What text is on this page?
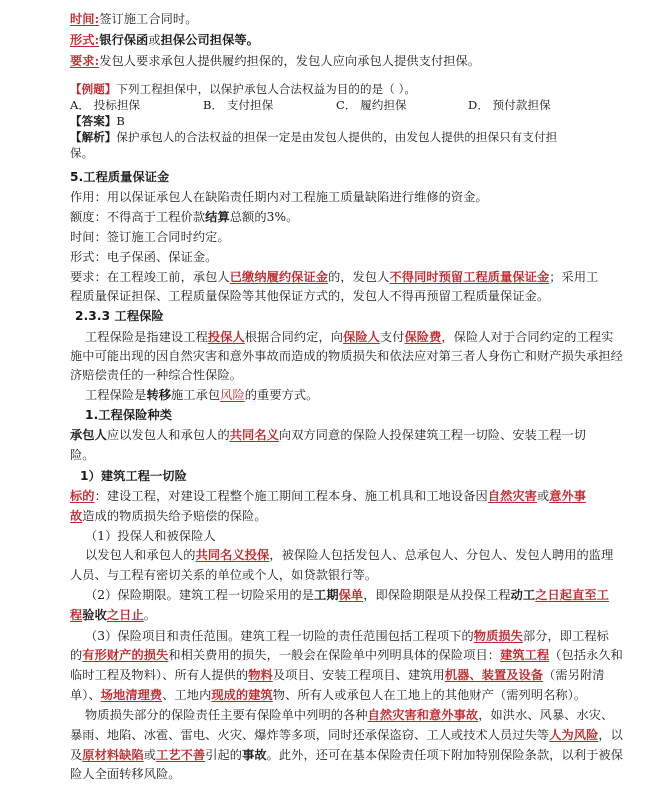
时间:签订施工合同时。
形式:银行保函或担保公司担保等。
要求:发包人要求承包人提供履约担保的，发包人应向承包人提供支付担保。
【例题】下列工程担保中，以保护承包人合法权益为目的的是（ ）。
A． 投标担保	B． 支付担保	C． 履约担保	D． 预付款担保
【答案】B
【解析】保护承包人的合法权益的担保一定是由发包人提供的，由发包人提供的担保只有支付担
保。
5.工程质量保证金
作用：用以保证承包人在缺陷责任期内对工程施工质量缺陷进行维修的资金。
额度：不得高于工程价款结算总额的3%。
时间：签订施工合同时约定。
形式：电子保函、保证金。
要求：在工程竣工前，承包人已缴纳履约保证金的，发包人不得同时预留工程质量保证金；采用工
程质量保证担保、工程质量保险等其他保证方式的，发包人不得再预留工程质量保证金。
2.3.3 工程保险
工程保险是指建设工程投保人根据合同约定，向保险人支付保险费，保险人对于合同约定的工程实
施中可能出现的因自然灾害和意外事故而造成的物质损失和依法应对第三者人身伤亡和财产损失承担经
济赔偿责任的一种综合性保险。
工程保险是转移施工承包风险的重要方式。
1.工程保险种类
承包人应以发包人和承包人的共同名义向双方同意的保险人投保建筑工程一切险、安装工程一切
险。
1）建筑工程一切险
标的：建设工程，对建设工程整个施工期间工程本身、施工机具和工地设备因自然灾害或意外事
故造成的物质损失给予赔偿的保险。
（1）投保人和被保险人
以发包人和承包人的共同名义投保，被保险人包括发包人、总承包人、分包人、发包人聘用的监理
人员、与工程有密切关系的单位或个人，如贷款银行等。
（2）保险期限。建筑工程一切险采用的是工期保单，即保险期限是从投保工程动工之日起直至工
程验收之日止。
（3）保险项目和责任范围。建筑工程一切险的责任范围包括工程项下的物质损失部分，即工程标
的有形财产的损失和相关费用的损失，一般会在保险单中列明具体的保险项目：建筑工程（包括永久和
临时工程及物料）、所有人提供的物料及项目、安装工程项目、建筑用机器、装置及设备（需另附清
单）、场地清理费、工地内现成的建筑物、所有人或承包人在工地上的其他财产（需列明名称）。
物质损失部分的保险责任主要有保险单中列明的各种自然灾害和意外事故，如洪水、风暴、水灾、
暴雨、地陷、冰雹、雷电、火灾、爆炸等多项，同时还承保盗窃、工人或技术人员过失等人为风险，以
及原材料缺陷或工艺不善引起的事故。此外，还可在基本保险责任项下附加特别保险条款，以利于被保
险人全面转移风险。
